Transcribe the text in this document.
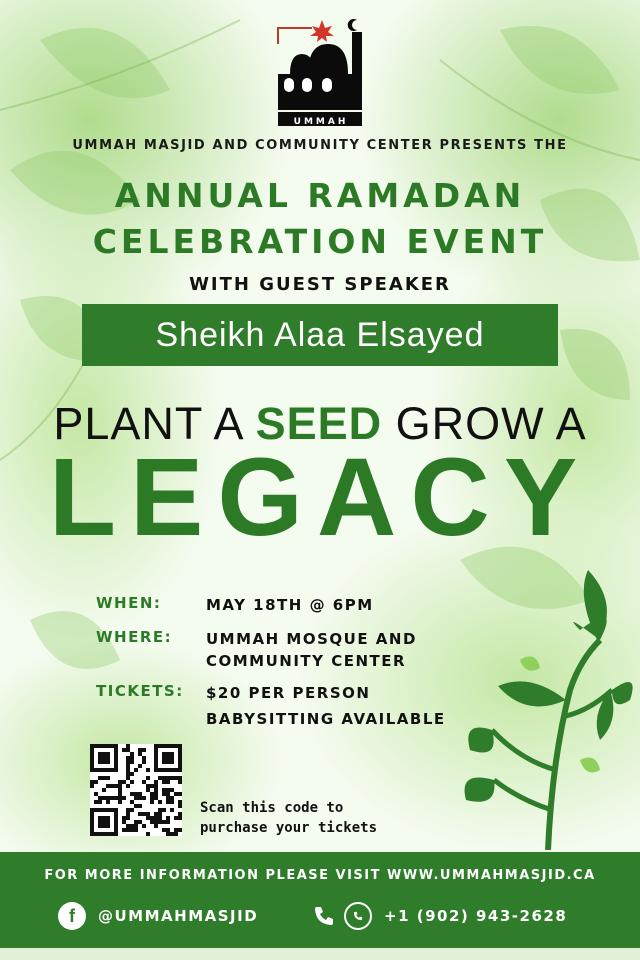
UMMAH
UMMAH MASJID AND COMMUNITY CENTER PRESENTS THE
ANNUAL RAMADAN
CELEBRATION EVENT
WITH GUEST SPEAKER
Sheikh Alaa Elsayed
PLANT A SEED GROW A
LEGACY
WHEN:	MAY 18TH @ 6PM
WHERE: UMMAH MOSQUE AND COMMUNITY CENTER
TICKETS: $20 PER PERSON
BABYSITTING AVAILABLE
Scan this code to
purchase your tickets
FOR MORE INFORMATION PLEASE VISIT WWW.UMMAHMASJID.CA
f	@UMMAHMASJID	+1 (902) 943-2628
